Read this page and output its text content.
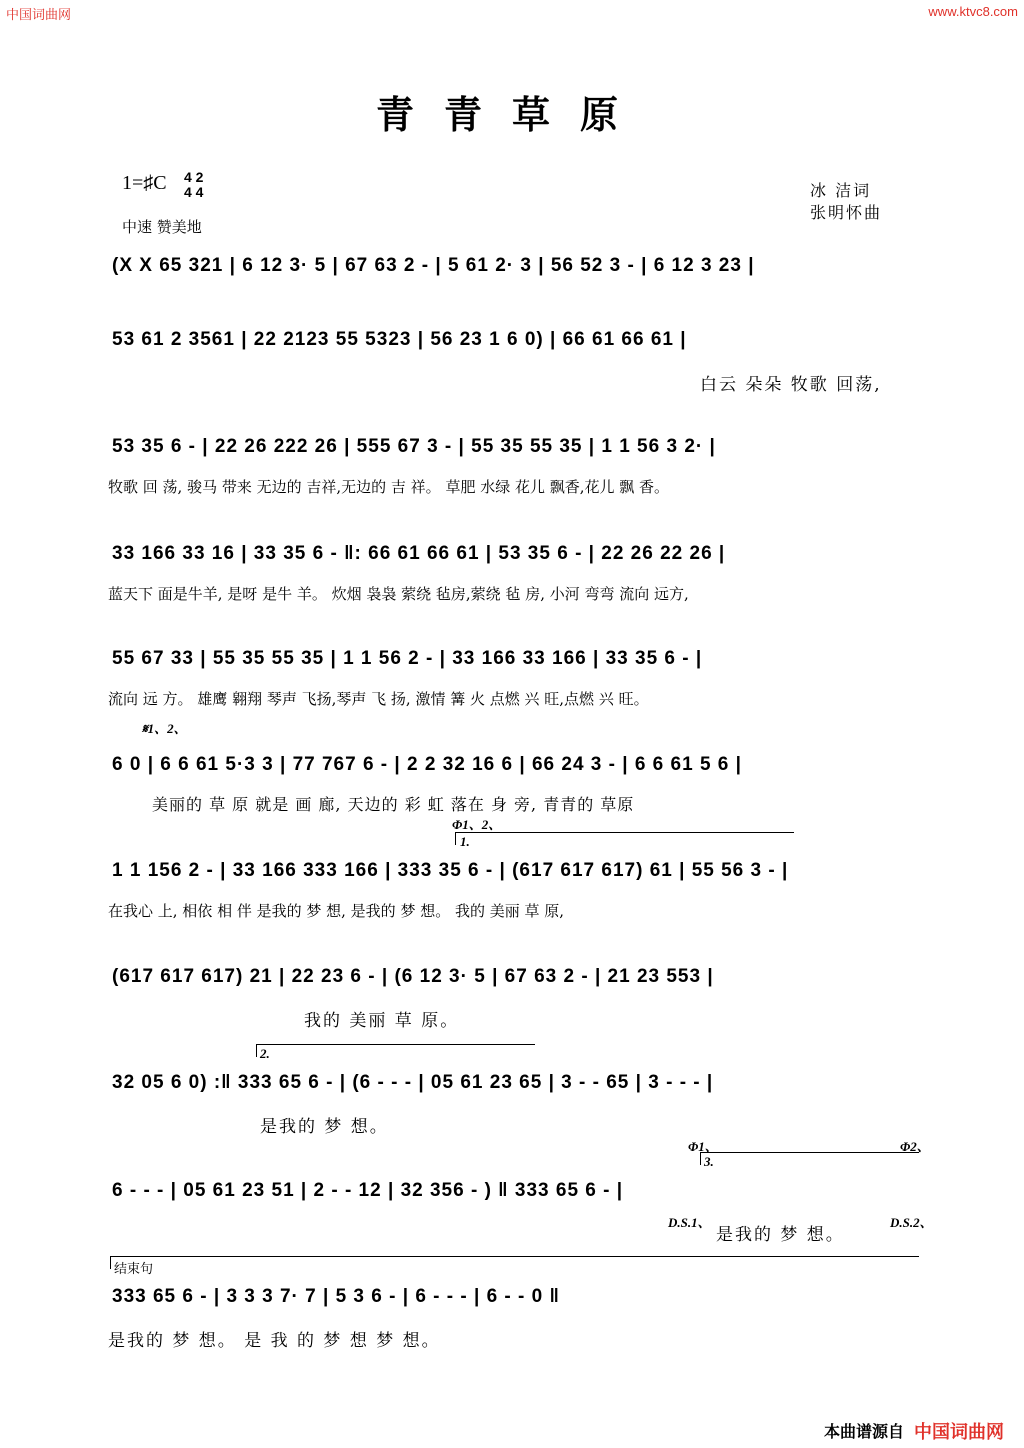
中国词曲网	www.ktvc8.com
青青草原
1=♯C 4 2
4 4
中速 赞美地
冰 洁词
张明怀曲
(X X 65 321 | 6 12 3· 5 | 67 63 2 - | 5 61 2· 3 | 56 52 3 - | 6 12 3 23 |
53 61 2 3561 | 22 2123 55 5323 | 56 23 1 6 0) | 66 61 66 61 |
白云 朵朵 牧歌 回荡,
53 35 6 - | 22 26 222 26 | 555 67 3 - | 55 35 55 35 | 1 1 56 3 2· |
牧歌 回 荡, 骏马 带来 无边的 吉祥,无边的 吉 祥。 草肥 水绿 花儿 飘香,花儿 飘 香。
33 166 33 16 | 33 35 6 - ‖: 66 61 66 61 | 53 35 6 - | 22 26 22 26 |
蓝天下 面是牛羊, 是呀 是牛 羊。 炊烟 袅袅 萦绕 毡房,萦绕 毡 房, 小河 弯弯 流向 远方,
55 67 33 | 55 35 55 35 | 1 1 56 2 - | 33 166 33 166 | 33 35 6 - |
流向 远 方。 雄鹰 翱翔 琴声 飞扬,琴声 飞 扬, 激情 篝 火 点燃 兴 旺,点燃 兴 旺。
𝄋1、2、
6 0 | 6 6 61 5·3 3 | 77 767 6 - | 2 2 32 16 6 | 66 24 3 - | 6 6 61 5 6 |
美丽的 草 原 就是 画 廊, 天边的 彩 虹 落在 身 旁, 青青的 草原
Φ1、2、
1.
1 1 156 2 - | 33 166 333 166 | 333 35 6 - | (617 617 617) 61 | 55 56 3 - |
在我心 上, 相依 相 伴 是我的 梦 想, 是我的 梦 想。 我的 美丽 草 原,
(617 617 617) 21 | 22 23 6 - | (6 12 3· 5 | 67 63 2 - | 21 23 553 |
我的 美丽 草 原。
2.
32 05 6 0) :‖ 333 65 6 - | (6 - - - | 05 61 23 65 | 3 - - 65 | 3 - - - |
是我的 梦 想。
Φ1、	Φ2、
3.
6 - - - | 05 61 23 51 | 2 - - 12 | 32 356 - ) ‖ 333 65 6 - |
D.S.1、	D.S.2、
是我的 梦 想。
结束句
333 65 6 - | 3 3 3 7· 7 | 5 3 6 - | 6 - - - | 6 - - 0 ‖
是我的 梦 想。 是 我 的 梦 想 梦 想。
本曲谱源自 中国词曲网
